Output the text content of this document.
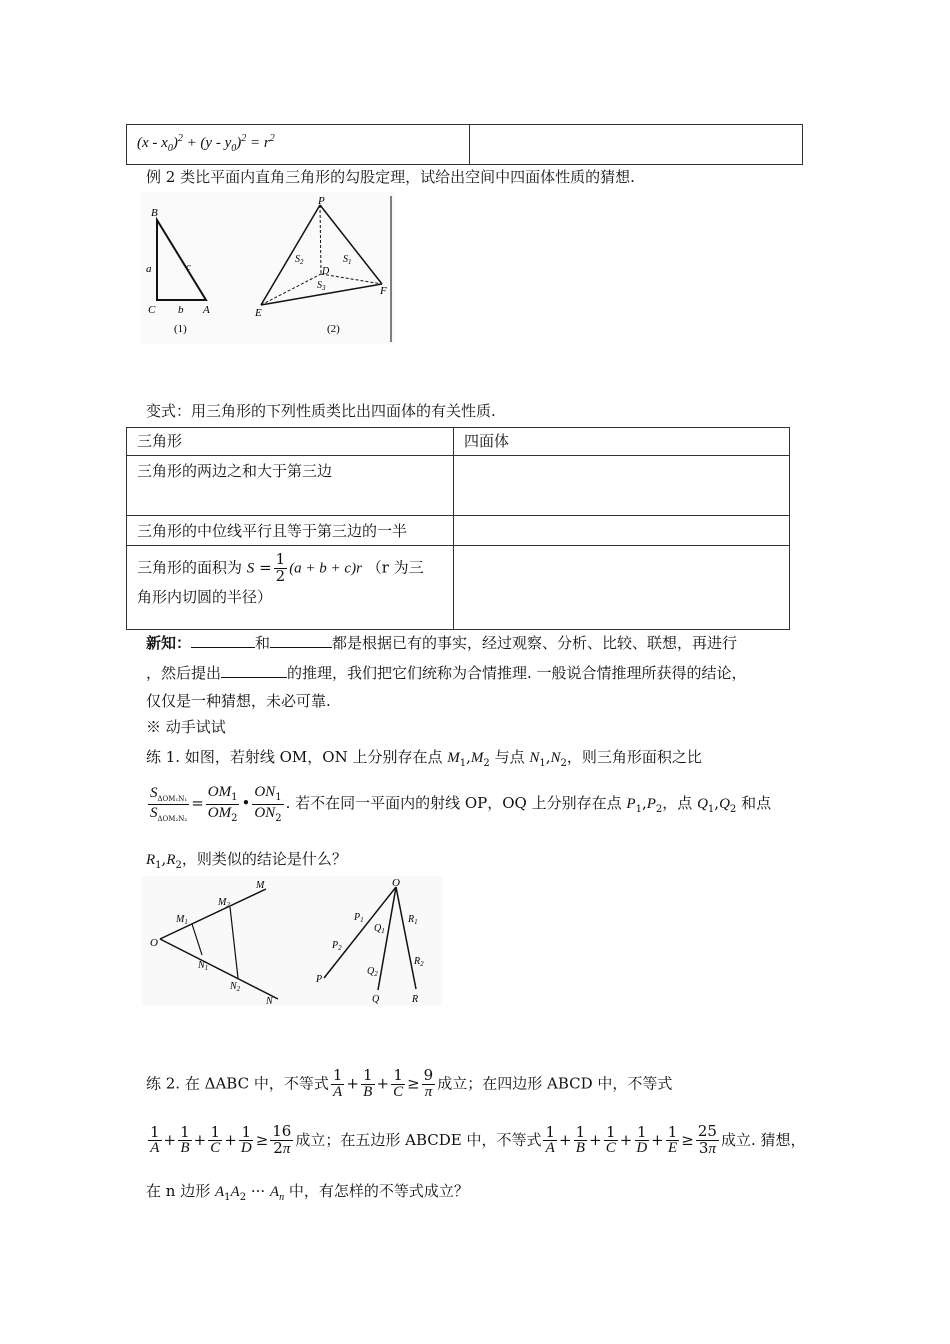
$(x - x_0)^2 + (y - y_0)^2 = r^2$	
例 2 类比平面内直角三角形的勾股定理，试给出空间中四面体性质的猜想.
B
a	c
C b A
(1)
P
$S_2$	$S_1$
D
$S_3$
E
F
(2)
变式：用三角形的下列性质类比出四面体的有关性质.
三角形	四面体
三角形的两边之和大于第三边	
三角形的中位线平行且等于第三边的一半	

三角形的面积为 $S = \frac{1}{2} (a + b + c)r$ （r 为三
角形内切圆的半径）	

新知：	和	都是根据已有的事实，经过观察、分析、比较、联想，再进行
，然后提出	的推理，我们把它们统称为合情推理. 一般说合情推理所获得的结论，
仅仅是一种猜想，未必可靠.
※ 动手试试
练 1. 如图，若射线 OM，ON 上分别存在点 $M_1,M_2$ 与点 $N_1,N_2$，则三角形面积之比
$\frac{S_{\Delta OM_1N_1}}{S_{\Delta OM_2N_2}} = \frac{OM_1}{OM_2}$ • $\frac{ON_1}{ON_2}$ . 若不在同一平面内的射线 OP，OQ 上分别存在点 $P_1,P_2$，点 $Q_1,Q_2$ 和点
$R_1,R_2$，则类似的结论是什么？
O
$M_1$
$M_2$
M
$N_1$
$N_2$
N
O
$P_1$
$P_2$
P
$Q_1$
$Q_2$
Q
$R_1$
$R_2$
R
练 2. 在 ΔABC 中，不等式 $\frac{1}{A} + \frac{1}{B} + \frac{1}{C} \ge \frac{9}{\pi}$ 成立；在四边形 ABCD 中，不等式
$\frac{1}{A} + \frac{1}{B} + \frac{1}{C} + \frac{1}{D} \ge \frac{16}{2\pi}$ 成立；在五边形 ABCDE 中，不等式 $\frac{1}{A} + \frac{1}{B} + \frac{1}{C} + \frac{1}{D} + \frac{1}{E} \ge \frac{25}{3\pi}$ 成立. 猜想，
在 n 边形 $A_1A_2$ ··· $A_n$ 中，有怎样的不等式成立？
